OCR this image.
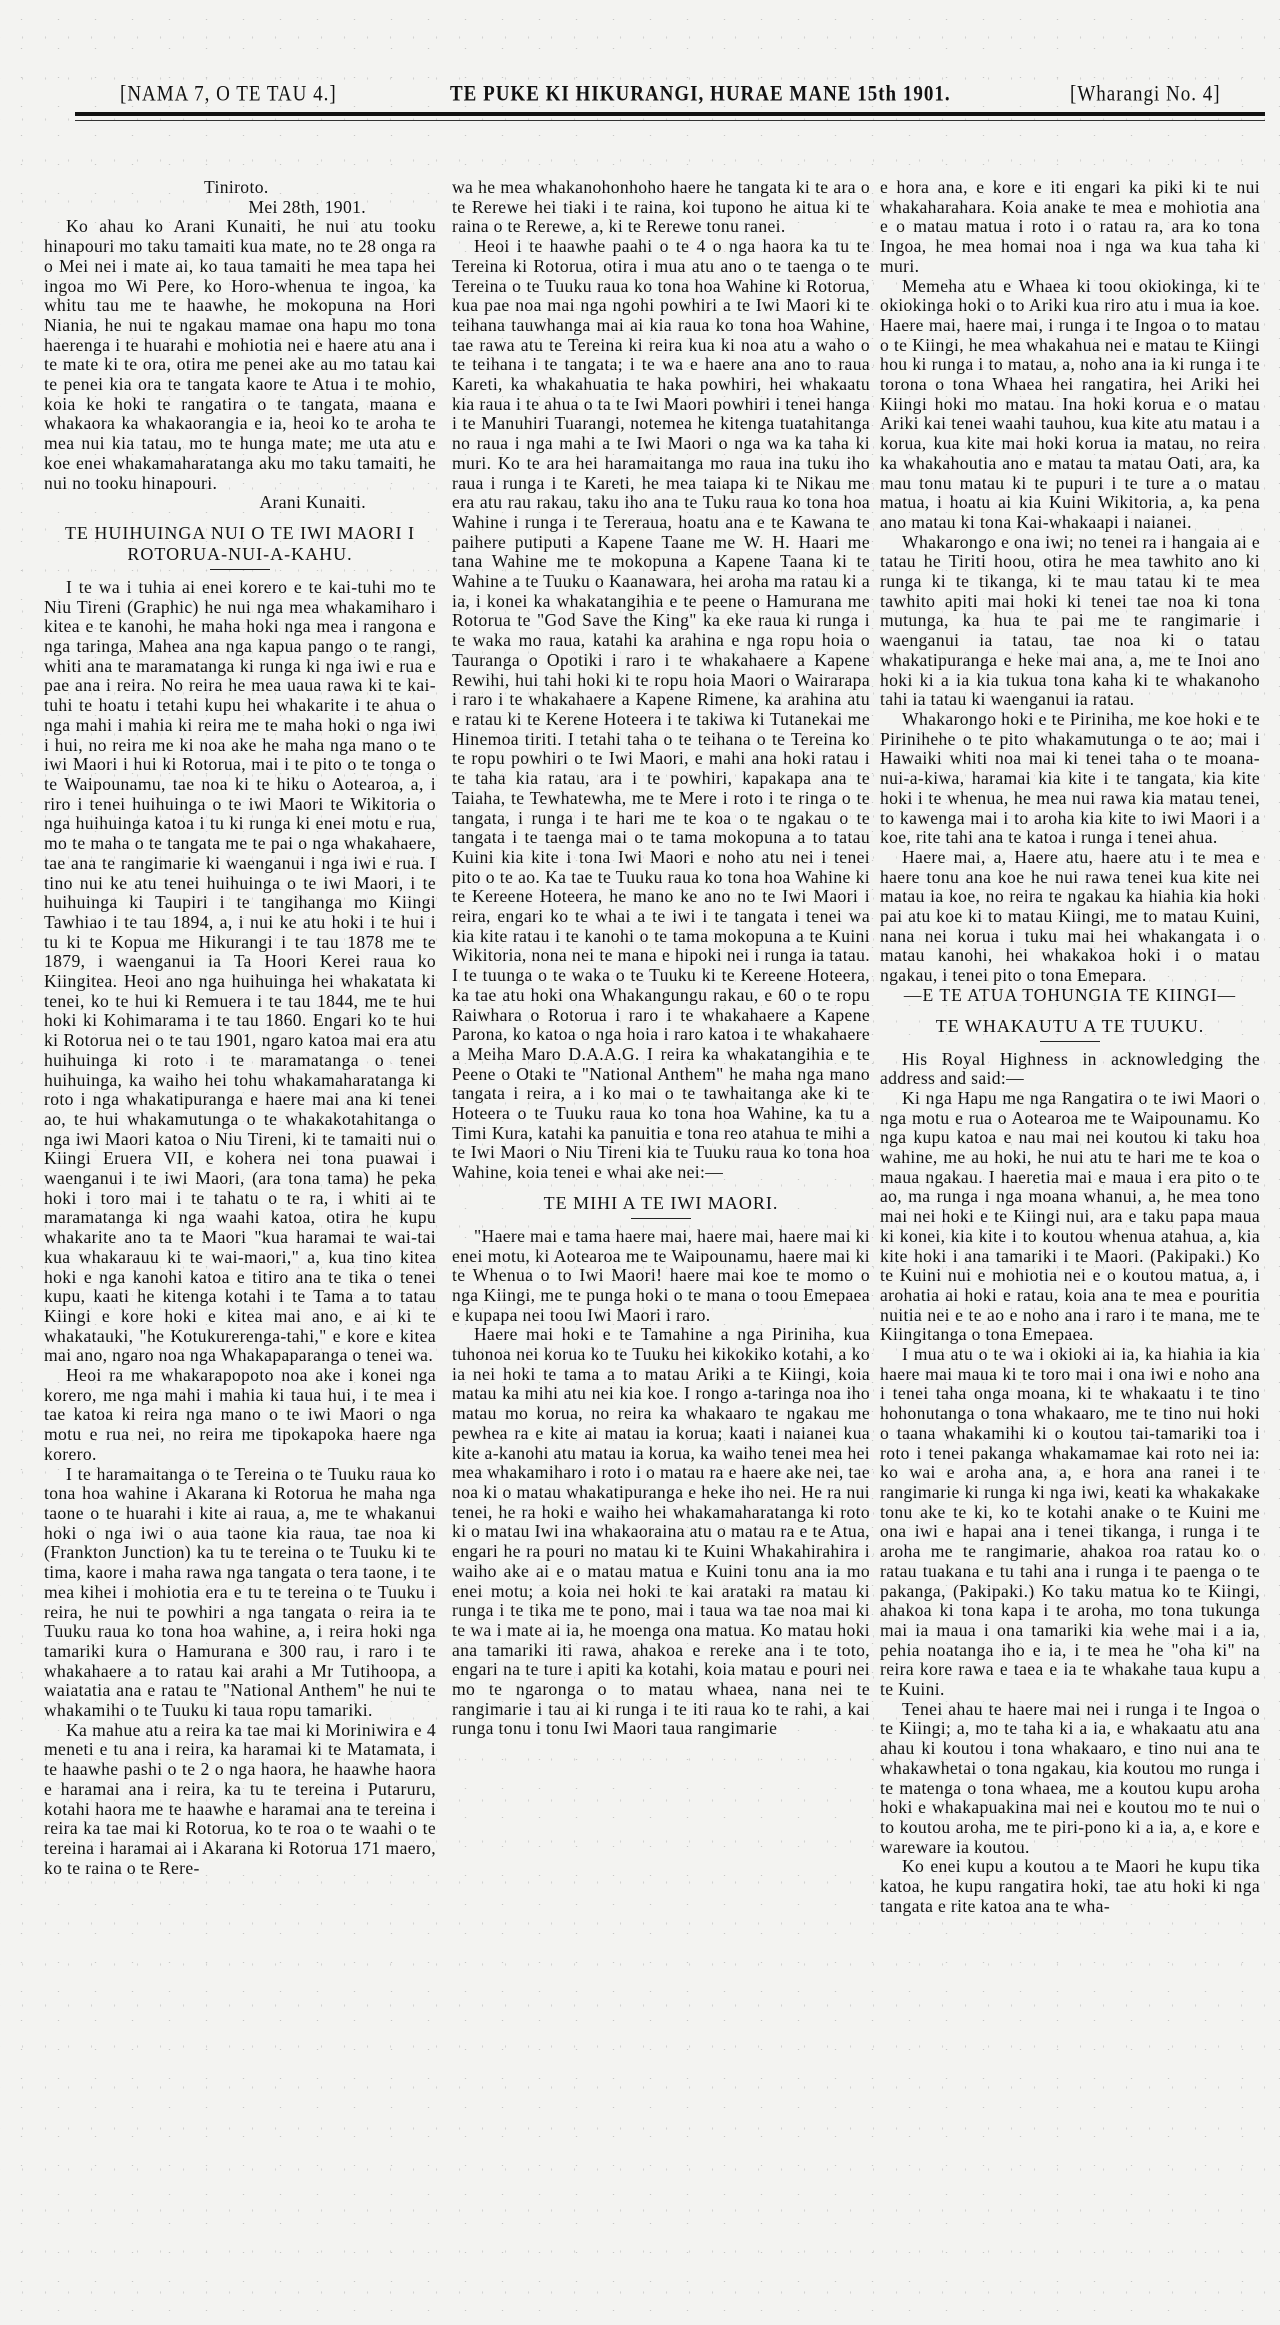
[NAMA 7, O TE TAU 4.]	TE PUKE KI HIKURANGI, HURAE MANE 15th 1901.	[Wharangi No. 4]

Tiniroto.

Mei 28th, 1901.

Ko ahau ko Arani Kunaiti, he nui atu tooku hinapouri mo taku tamaiti kua mate, no te 28 onga ra o Mei nei i mate ai, ko taua tamaiti he mea tapa hei ingoa mo Wi Pere, ko Horo-whenua te ingoa, ka whitu tau me te haawhe, he mokopuna na Hori Niania, he nui te ngakau mamae ona hapu mo tona haerenga i te huarahi e mohiotia nei e haere atu ana i te mate ki te ora, otira me penei ake au mo tatau kai te penei kia ora te tangata kaore te Atua i te mohio, koia ke hoki te rangatira o te tangata, maana e whakaora ka whakaorangia e ia, heoi ko te aroha te mea nui kia tatau, mo te hunga mate; me uta atu e koe enei whakamaharatanga aku mo taku tamaiti, he nui no tooku hinapouri.

Arani Kunaiti.

TE HUIHUINGA NUI O TE IWI MAORI I ROTORUA-NUI-A-KAHU.

I te wa i tuhia ai enei korero e te kai-tuhi mo te Niu Tireni (Graphic) he nui nga mea whakamiharo i kitea e te kanohi, he maha hoki nga mea i rangona e nga taringa, Mahea ana nga kapua pango o te rangi, whiti ana te maramatanga ki runga ki nga iwi e rua e pae ana i reira. No reira he mea uaua rawa ki te kai-tuhi te hoatu i tetahi kupu hei whakarite i te ahua o nga mahi i mahia ki reira me te maha hoki o nga iwi i hui, no reira me ki noa ake he maha nga mano o te iwi Maori i hui ki Rotorua, mai i te pito o te tonga o te Waipounamu, tae noa ki te hiku o Aotearoa, a, i riro i tenei huihuinga o te iwi Maori te Wikitoria o nga huihuinga katoa i tu ki runga ki enei motu e rua, mo te maha o te tangata me te pai o nga whakahaere, tae ana te rangimarie ki waenganui i nga iwi e rua. I tino nui ke atu tenei huihuinga o te iwi Maori, i te huihuinga ki Taupiri i te tangihanga mo Kiingi Tawhiao i te tau 1894, a, i nui ke atu hoki i te hui i tu ki te Kopua me Hikurangi i te tau 1878 me te 1879, i waenganui ia Ta Hoori Kerei raua ko Kiingitea. Heoi ano nga huihuinga hei whakatata ki tenei, ko te hui ki Remuera i te tau 1844, me te hui hoki ki Kohimarama i te tau 1860. Engari ko te hui ki Rotorua nei o te tau 1901, ngaro katoa mai era atu huihuinga ki roto i te maramatanga o tenei huihuinga, ka waiho hei tohu whakamaharatanga ki roto i nga whakatipuranga e haere mai ana ki tenei ao, te hui whakamutunga o te whakakotahitanga o nga iwi Maori katoa o Niu Tireni, ki te tamaiti nui o Kiingi Eruera VII, e kohera nei tona puawai i waenganui i te iwi Maori, (ara tona tama) he peka hoki i toro mai i te tahatu o te ra, i whiti ai te maramatanga ki nga waahi katoa, otira he kupu whakarite ano ta te Maori "kua haramai te wai-tai kua whakarauu ki te wai-maori," a, kua tino kitea hoki e nga kanohi katoa e titiro ana te tika o tenei kupu, kaati he kitenga kotahi i te Tama a to tatau Kiingi e kore hoki e kitea mai ano, e ai ki te whakatauki, "he Kotukurerenga-tahi," e kore e kitea mai ano, ngaro noa nga Whakapaparanga o tenei wa.

Heoi ra me whakarapopoto noa ake i konei nga korero, me nga mahi i mahia ki taua hui, i te mea i tae katoa ki reira nga mano o te iwi Maori o nga motu e rua nei, no reira me tipokapoka haere nga korero.

I te haramaitanga o te Tereina o te Tuuku raua ko tona hoa wahine i Akarana ki Rotorua he maha nga taone o te huarahi i kite ai raua, a, me te whakanui hoki o nga iwi o aua taone kia raua, tae noa ki (Frankton Junction) ka tu te tereina o te Tuuku ki te tima, kaore i maha rawa nga tangata o tera taone, i te mea kihei i mohiotia era e tu te tereina o te Tuuku i reira, he nui te powhiri a nga tangata o reira ia te Tuuku raua ko tona hoa wahine, a, i reira hoki nga tamariki kura o Hamurana e 300 rau, i raro i te whakahaere a to ratau kai arahi a Mr Tutihoopa, a waiatatia ana e ratau te "National Anthem" he nui te whakamihi o te Tuuku ki taua ropu tamariki.

Ka mahue atu a reira ka tae mai ki Moriniwira e 4 meneti e tu ana i reira, ka haramai ki te Matamata, i te haawhe pashi o te 2 o nga haora, he haawhe haora e haramai ana i reira, ka tu te tereina i Putaruru, kotahi haora me te haawhe e haramai ana te tereina i reira ka tae mai ki Rotorua, ko te roa o te waahi o te tereina i haramai ai i Akarana ki Rotorua 171 maero, ko te raina o te Rere-

wa he mea whakanohonhoho haere he tangata ki te ara o te Rerewe hei tiaki i te raina, koi tupono he aitua ki te raina o te Rerewe, a, ki te Rerewe tonu ranei.

Heoi i te haawhe paahi o te 4 o nga haora ka tu te Tereina ki Rotorua, otira i mua atu ano o te taenga o te Tereina o te Tuuku raua ko tona hoa Wahine ki Rotorua, kua pae noa mai nga ngohi powhiri a te Iwi Maori ki te teihana tauwhanga mai ai kia raua ko tona hoa Wahine, tae rawa atu te Tereina ki reira kua ki noa atu a waho o te teihana i te tangata; i te wa e haere ana ano to raua Kareti, ka whakahuatia te haka powhiri, hei whakaatu kia raua i te ahua o ta te Iwi Maori powhiri i tenei hanga i te Manuhiri Tuarangi, notemea he kitenga tuatahitanga no raua i nga mahi a te Iwi Maori o nga wa ka taha ki muri. Ko te ara hei haramaitanga mo raua ina tuku iho raua i runga i te Kareti, he mea taiapa ki te Nikau me era atu rau rakau, taku iho ana te Tuku raua ko tona hoa Wahine i runga i te Tereraua, hoatu ana e te Kawana te paihere putiputi a Kapene Taane me W. H. Haari me tana Wahine me te mokopuna a Kapene Taana ki te Wahine a te Tuuku o Kaanawara, hei aroha ma ratau ki a ia, i konei ka whakatangihia e te peene o Hamurana me Rotorua te "God Save the King" ka eke raua ki runga i te waka mo raua, katahi ka arahina e nga ropu hoia o Tauranga o Opotiki i raro i te whakahaere a Kapene Rewihi, hui tahi hoki ki te ropu hoia Maori o Wairarapa i raro i te whakahaere a Kapene Rimene, ka arahina atu e ratau ki te Kerene Hoteera i te takiwa ki Tutanekai me Hinemoa tiriti. I tetahi taha o te teihana o te Tereina ko te ropu powhiri o te Iwi Maori, e mahi ana hoki ratau i te taha kia ratau, ara i te powhiri, kapakapa ana te Taiaha, te Tewhatewha, me te Mere i roto i te ringa o te tangata, i runga i te hari me te koa o te ngakau o te tangata i te taenga mai o te tama mokopuna a to tatau Kuini kia kite i tona Iwi Maori e noho atu nei i tenei pito o te ao. Ka tae te Tuuku raua ko tona hoa Wahine ki te Kereene Hoteera, he mano ke ano no te Iwi Maori i reira, engari ko te whai a te iwi i te tangata i tenei wa kia kite ratau i te kanohi o te tama mokopuna a te Kuini Wikitoria, nona nei te mana e hipoki nei i runga ia tatau. I te tuunga o te waka o te Tuuku ki te Kereene Hoteera, ka tae atu hoki ona Whakangungu rakau, e 60 o te ropu Raiwhara o Rotorua i raro i te whakahaere a Kapene Parona, ko katoa o nga hoia i raro katoa i te whakahaere a Meiha Maro D.A.A.G. I reira ka whakatangihia e te Peene o Otaki te "National Anthem" he maha nga mano tangata i reira, a i ko mai o te tawhaitanga ake ki te Hoteera o te Tuuku raua ko tona hoa Wahine, ka tu a Timi Kura, katahi ka panuitia e tona reo atahua te mihi a te Iwi Maori o Niu Tireni kia te Tuuku raua ko tona hoa Wahine, koia tenei e whai ake nei:—

TE MIHI A TE IWI MAORI.

"Haere mai e tama haere mai, haere mai, haere mai ki enei motu, ki Aotearoa me te Waipounamu, haere mai ki te Whenua o to Iwi Maori! haere mai koe te momo o nga Kiingi, me te punga hoki o te mana o toou Emepaea e kupapa nei toou Iwi Maori i raro.

Haere mai hoki e te Tamahine a nga Piriniha, kua tuhonoa nei korua ko te Tuuku hei kikokiko kotahi, a ko ia nei hoki te tama a to matau Ariki a te Kiingi, koia matau ka mihi atu nei kia koe. I rongo a-taringa noa iho matau mo korua, no reira ka whakaaro te ngakau me pewhea ra e kite ai matau ia korua; kaati i naianei kua kite a-kanohi atu matau ia korua, ka waiho tenei mea hei mea whakamiharo i roto i o matau ra e haere ake nei, tae noa ki o matau whakatipuranga e heke iho nei. He ra nui tenei, he ra hoki e waiho hei whakamaharatanga ki roto ki o matau Iwi ina whakaoraina atu o matau ra e te Atua, engari he ra pouri no matau ki te Kuini Whakahirahira i waiho ake ai e o matau matua e Kuini tonu ana ia mo enei motu; a koia nei hoki te kai arataki ra matau ki runga i te tika me te pono, mai i taua wa tae noa mai ki te wa i mate ai ia, he moenga ona matua. Ko matau hoki ana tamariki iti rawa, ahakoa e rereke ana i te toto, engari na te ture i apiti ka kotahi, koia matau e pouri nei mo te ngaronga o to matau whaea, nana nei te rangimarie i tau ai ki runga i te iti raua ko te rahi, a kai runga tonu i tonu Iwi Maori taua rangimarie

e hora ana, e kore e iti engari ka piki ki te nui whakaharahara. Koia anake te mea e mohiotia ana e o matau matua i roto i o ratau ra, ara ko tona Ingoa, he mea homai noa i nga wa kua taha ki muri.

Memeha atu e Whaea ki toou okiokinga, ki te okiokinga hoki o to Ariki kua riro atu i mua ia koe. Haere mai, haere mai, i runga i te Ingoa o to matau o te Kiingi, he mea whakahua nei e matau te Kiingi hou ki runga i to matau, a, noho ana ia ki runga i te torona o tona Whaea hei rangatira, hei Ariki hei Kiingi hoki mo matau. Ina hoki korua e o matau Ariki kai tenei waahi tauhou, kua kite atu matau i a korua, kua kite mai hoki korua ia matau, no reira ka whakahoutia ano e matau ta matau Oati, ara, ka mau tonu matau ki te pupuri i te ture a o matau matua, i hoatu ai kia Kuini Wikitoria, a, ka pena ano matau ki tona Kai-whakaapi i naianei.

Whakarongo e ona iwi; no tenei ra i hangaia ai e tatau he Tiriti hoou, otira he mea tawhito ano ki runga ki te tikanga, ki te mau tatau ki te mea tawhito apiti mai hoki ki tenei tae noa ki tona mutunga, ka hua te pai me te rangimarie i waenganui ia tatau, tae noa ki o tatau whakatipuranga e heke mai ana, a, me te Inoi ano hoki ki a ia kia tukua tona kaha ki te whakanoho tahi ia tatau ki waenganui ia ratau.

Whakarongo hoki e te Piriniha, me koe hoki e te Pirinihehe o te pito whakamutunga o te ao; mai i Hawaiki whiti noa mai ki tenei taha o te moana-nui-a-kiwa, haramai kia kite i te tangata, kia kite hoki i te whenua, he mea nui rawa kia matau tenei, to kawenga mai i to aroha kia kite to iwi Maori i a koe, rite tahi ana te katoa i runga i tenei ahua.

Haere mai, a, Haere atu, haere atu i te mea e haere tonu ana koe he nui rawa tenei kua kite nei matau ia koe, no reira te ngakau ka hiahia kia hoki pai atu koe ki to matau Kiingi, me to matau Kuini, nana nei korua i tuku mai hei whakangata i o matau kanohi, hei whakakoa hoki i o matau ngakau, i tenei pito o tona Emepara.

—E TE ATUA TOHUNGIA TE KIINGI—

TE WHAKAUTU A TE TUUKU.

His Royal Highness in acknowledging the address and said:—

Ki nga Hapu me nga Rangatira o te iwi Maori o nga motu e rua o Aotearoa me te Waipounamu. Ko nga kupu katoa e nau mai nei koutou ki taku hoa wahine, me au hoki, he nui atu te hari me te koa o maua ngakau. I haeretia mai e maua i era pito o te ao, ma runga i nga moana whanui, a, he mea tono mai nei hoki e te Kiingi nui, ara e taku papa maua ki konei, kia kite i to koutou whenua atahua, a, kia kite hoki i ana tamariki i te Maori. (Pakipaki.) Ko te Kuini nui e mohiotia nei e o koutou matua, a, i arohatia ai hoki e ratau, koia ana te mea e pouritia nuitia nei e te ao e noho ana i raro i te mana, me te Kiingitanga o tona Emepaea.

I mua atu o te wa i okioki ai ia, ka hiahia ia kia haere mai maua ki te toro mai i ona iwi e noho ana i tenei taha onga moana, ki te whakaatu i te tino hohonutanga o tona whakaaro, me te tino nui hoki o taana whakamihi ki o koutou tai-tamariki toa i roto i tenei pakanga whakamamae kai roto nei ia: ko wai e aroha ana, a, e hora ana ranei i te rangimarie ki runga ki nga iwi, keati ka whakakake tonu ake te ki, ko te kotahi anake o te Kuini me ona iwi e hapai ana i tenei tikanga, i runga i te aroha me te rangimarie, ahakoa roa ratau ko o ratau tuakana e tu tahi ana i runga i te paenga o te pakanga, (Pakipaki.) Ko taku matua ko te Kiingi, ahakoa ki tona kapa i te aroha, mo tona tukunga mai ia maua i ona tamariki kia wehe mai i a ia, pehia noatanga iho e ia, i te mea he "oha ki" na reira kore rawa e taea e ia te whakahe taua kupu a te Kuini.

Tenei ahau te haere mai nei i runga i te Ingoa o te Kiingi; a, mo te taha ki a ia, e whakaatu atu ana ahau ki koutou i tona whakaaro, e tino nui ana te whakawhetai o tona ngakau, kia koutou mo runga i te matenga o tona whaea, me a koutou kupu aroha hoki e whakapuakina mai nei e koutou mo te nui o to koutou aroha, me te piri-pono ki a ia, a, e kore e wareware ia koutou.

Ko enei kupu a koutou a te Maori he kupu tika katoa, he kupu rangatira hoki, tae atu hoki ki nga tangata e rite katoa ana te wha-
